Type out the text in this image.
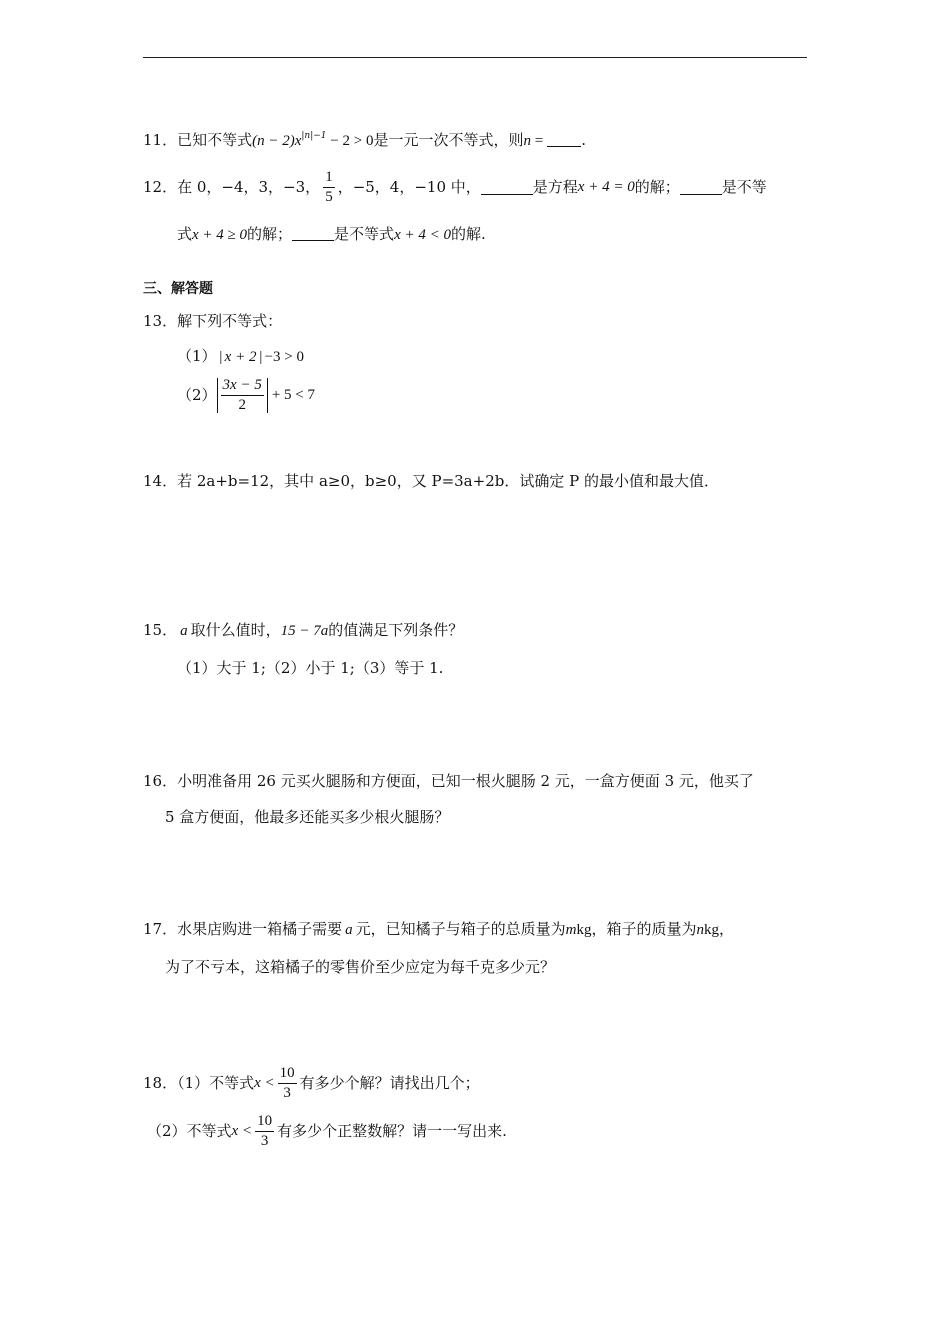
11．已知不等式$(n - 2)x^{|n|-1} - 2 > 0$是一元一次不等式，则n =	.
12．在 0，−4，3，−3， $\frac{1}{5}$ ，−5，4，−10 中，	是方程x + 4 = 0的解；	是不等
式x + 4 ≥ 0的解；	是不等式x + 4 < 0的解.
三、解答题
13．解下列不等式：
（1） | x + 2 | −3 > 0
$(2) \frac{3x - 5}{2} + 5 < 7$
14．若 2a+b=12，其中 a≥0，b≥0，又 P=3a+2b．试确定 P 的最小值和最大值．
15． a 取什么值时，15 − 7a的值满足下列条件？
（1）大于 1;（2）小于 1;（3）等于 1.
16．小明准备用 26 元买火腿肠和方便面，已知一根火腿肠 2 元，一盒方便面 3 元，他买了
5 盒方便面，他最多还能买多少根火腿肠？
17．水果店购进一箱橘子需要 a 元，已知橘子与箱子的总质量为mkg，箱子的质量为nkg，
为了不亏本，这箱橘子的零售价至少应定为每千克多少元？
18．（1）不等式$x < \frac{10}{3}$ 有多少个解？请找出几个；
（2）不等式$x < \frac{10}{3}$ 有多少个正整数解？请一一写出来.
